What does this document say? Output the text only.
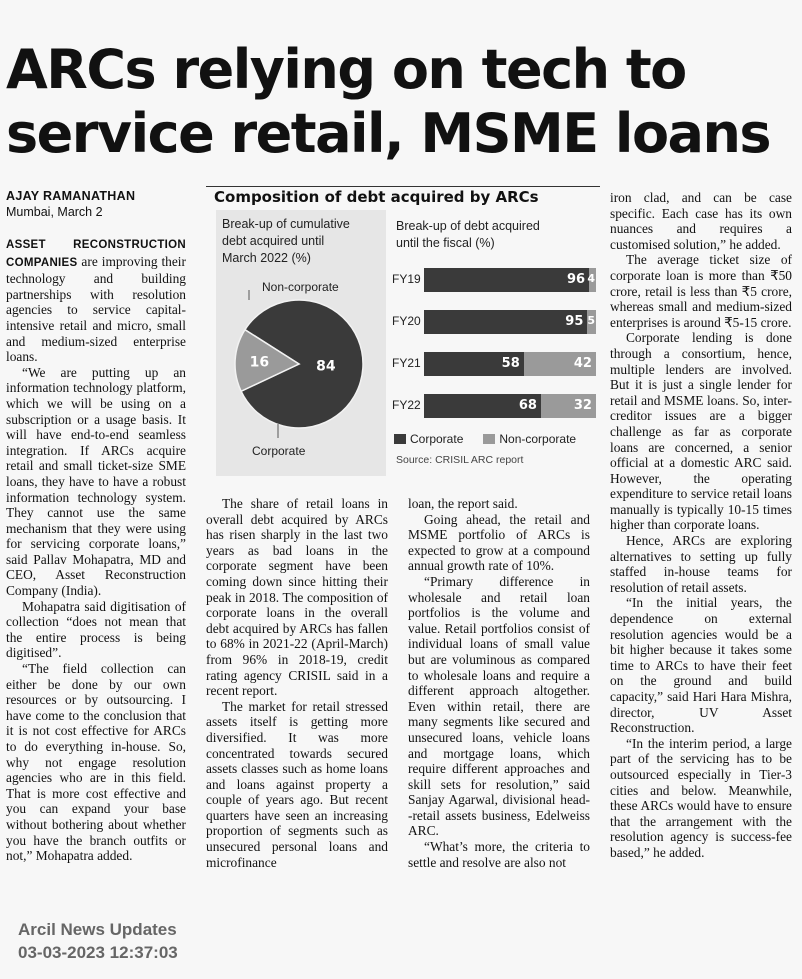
ARCs relying on tech to
service retail, MSME loans
AJAY RAMANATHAN
Mumbai, March 2

ASSET RECONSTRUCTION COMPANIES are improving their technology and building partnerships with resolution agencies to service capital-intensive retail and micro, small and medium-sized enterprise loans.

“We are putting up an information technology platform, which we will be using on a subscription or a usage basis. It will have end-to-end seamless integration. If ARCs acquire retail and small ticket-size SME loans, they have to have a robust information technology system. They cannot use the same mechanism that they were using for servicing corporate loans,” said Pallav Mohapatra, MD and CEO, Asset Reconstruction Company (India).

Mohapatra said digitisation of collection “does not mean that the entire process is being digitised”.

“The field collection can either be done by our own resources or by outsourcing. I have come to the conclusion that it is not cost effective for ARCs to do everything in-house. So, why not engage resolution agencies who are in this field. That is more cost effective and you can expand your base without bothering about whether you have the branch outfits or not,” Mohapatra added.

Composition of debt acquired by ARCs
Break-up of cumulative
debt acquired until
March 2022 (%)
Non-corporate
84
16
Corporate
Break-up of debt acquired
until the fiscal (%)
FY19	96 4
FY20	95 5
FY21	58	42
FY22	68	32
Corporate	Non-corporate
Source: CRISIL ARC report

The share of retail loans in overall debt acquired by ARCs has risen sharply in the last two years as bad loans in the corporate segment have been coming down since hitting their peak in 2018. The composition of corporate loans in the overall debt acquired by ARCs has fallen to 68% in 2021-22 (April-March) from 96% in 2018-19, credit rating agency CRISIL said in a recent report.

The market for retail stressed assets itself is getting more diversified. It was more concentrated towards secured assets classes such as home loans and loans against property a couple of years ago. But recent quarters have seen an increasing proportion of segments such as unsecured personal loans and microfinance

loan, the report said.

Going ahead, the retail and MSME portfolio of ARCs is expected to grow at a compound annual growth rate of 10%.

“Primary difference in wholesale and retail loan portfolios is the volume and value. Retail portfolios consist of individual loans of small value but are voluminous as compared to wholesale loans and require a different approach altogether. Even within retail, there are many segments like secured and unsecured loans, vehicle loans and mortgage loans, which require different approaches and skill sets for resolution,” said Sanjay Agarwal, divisional head--retail assets business, Edelweiss ARC.

“What’s more, the criteria to settle and resolve are also not

iron clad, and can be case specific. Each case has its own nuances and requires a customised solution,” he added.

The average ticket size of corporate loan is more than ₹50 crore, retail is less than ₹5 crore, whereas small and medium-sized enterprises is around ₹5-15 crore.

Corporate lending is done through a consortium, hence, multiple lenders are involved. But it is just a single lender for retail and MSME loans. So, inter-creditor issues are a bigger challenge as far as corporate loans are concerned, a senior official at a domestic ARC said. However, the operating expenditure to service retail loans manually is typically 10-15 times higher than corporate loans.

Hence, ARCs are exploring alternatives to setting up fully staffed in-house teams for resolution of retail assets.

“In the initial years, the dependence on external resolution agencies would be a bit higher because it takes some time to ARCs to have their feet on the ground and build capacity,” said Hari Hara Mishra, director, UV Asset Reconstruction.

“In the interim period, a large part of the servicing has to be outsourced especially in Tier-3 cities and below. Meanwhile, these ARCs would have to ensure that the arrangement with the resolution agency is success-fee based,” he added.

Arcil News Updates
03-03-2023 12:37:03
